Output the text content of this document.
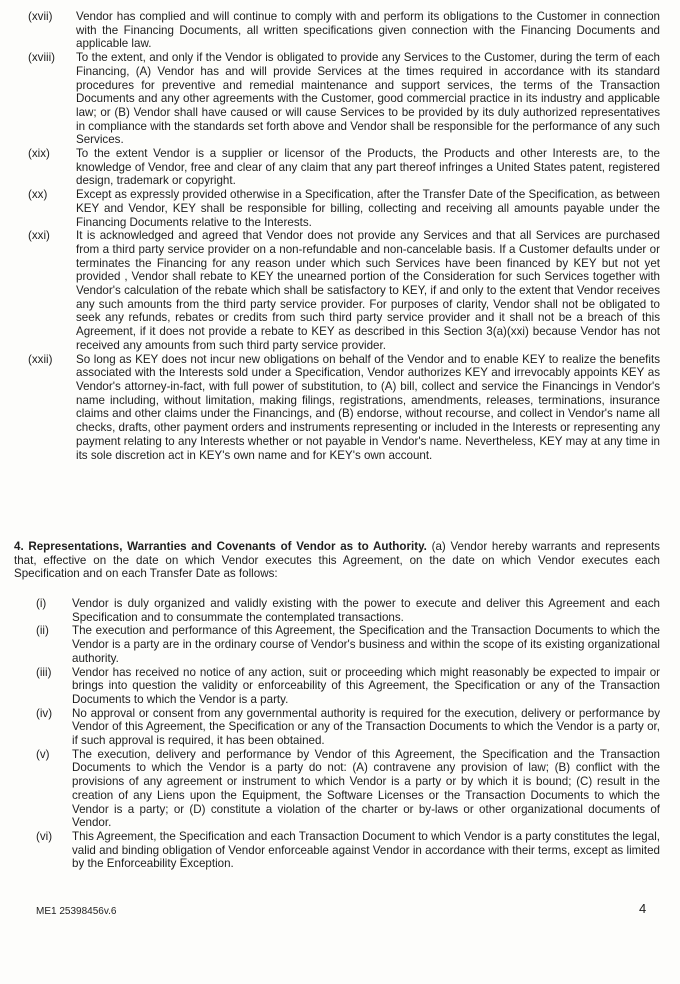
(xvii)	Vendor has complied and will continue to comply with and perform its obligations to the Customer in connection with the Financing Documents, all written specifications given connection with the Financing Documents and applicable law.
(xviii)	To the extent, and only if the Vendor is obligated to provide any Services to the Customer, during the term of each Financing, (A) Vendor has and will provide Services at the times required in accordance with its standard procedures for preventive and remedial maintenance and support services, the terms of the Transaction Documents and any other agreements with the Customer, good commercial practice in its industry and applicable law; or (B) Vendor shall have caused or will cause Services to be provided by its duly authorized representatives in compliance with the standards set forth above and Vendor shall be responsible for the performance of any such Services.
(xix)	To the extent Vendor is a supplier or licensor of the Products, the Products and other Interests are, to the knowledge of Vendor, free and clear of any claim that any part thereof infringes a United States patent, registered design, trademark or copyright.
(xx)	Except as expressly provided otherwise in a Specification, after the Transfer Date of the Specification, as between KEY and Vendor, KEY shall be responsible for billing, collecting and receiving all amounts payable under the Financing Documents relative to the Interests.
(xxi)	It is acknowledged and agreed that Vendor does not provide any Services and that all Services are purchased from a third party service provider on a non-refundable and non-cancelable basis. If a Customer defaults under or terminates the Financing for any reason under which such Services have been financed by KEY but not yet provided , Vendor shall rebate to KEY the unearned portion of the Consideration for such Services together with Vendor's calculation of the rebate which shall be satisfactory to KEY, if and only to the extent that Vendor receives any such amounts from the third party service provider. For purposes of clarity, Vendor shall not be obligated to seek any refunds, rebates or credits from such third party service provider and it shall not be a breach of this Agreement, if it does not provide a rebate to KEY as described in this Section 3(a)(xxi) because Vendor has not received any amounts from such third party service provider.
(xxii)	So long as KEY does not incur new obligations on behalf of the Vendor and to enable KEY to realize the benefits associated with the Interests sold under a Specification, Vendor authorizes KEY and irrevocably appoints KEY as Vendor's attorney-in-fact, with full power of substitution, to (A) bill, collect and service the Financings in Vendor's name including, without limitation, making filings, registrations, amendments, releases, terminations, insurance claims and other claims under the Financings, and (B) endorse, without recourse, and collect in Vendor's name all checks, drafts, other payment orders and instruments representing or included in the Interests or representing any payment relating to any Interests whether or not payable in Vendor's name. Nevertheless, KEY may at any time in its sole discretion act in KEY's own name and for KEY's own account.
4. Representations, Warranties and Covenants of Vendor as to Authority. (a) Vendor hereby warrants and represents that, effective on the date on which Vendor executes this Agreement, on the date on which Vendor executes each Specification and on each Transfer Date as follows:
(i)	Vendor is duly organized and validly existing with the power to execute and deliver this Agreement and each Specification and to consummate the contemplated transactions.
(ii)	The execution and performance of this Agreement, the Specification and the Transaction Documents to which the Vendor is a party are in the ordinary course of Vendor's business and within the scope of its existing organizational authority.
(iii)	Vendor has received no notice of any action, suit or proceeding which might reasonably be expected to impair or brings into question the validity or enforceability of this Agreement, the Specification or any of the Transaction Documents to which the Vendor is a party.
(iv)	No approval or consent from any governmental authority is required for the execution, delivery or performance by Vendor of this Agreement, the Specification or any of the Transaction Documents to which the Vendor is a party or, if such approval is required, it has been obtained.
(v)	The execution, delivery and performance by Vendor of this Agreement, the Specification and the Transaction Documents to which the Vendor is a party do not: (A) contravene any provision of law; (B) conflict with the provisions of any agreement or instrument to which Vendor is a party or by which it is bound; (C) result in the creation of any Liens upon the Equipment, the Software Licenses or the Transaction Documents to which the Vendor is a party; or (D) constitute a violation of the charter or by-laws or other organizational documents of Vendor.
(vi)	This Agreement, the Specification and each Transaction Document to which Vendor is a party constitutes the legal, valid and binding obligation of Vendor enforceable against Vendor in accordance with their terms, except as limited by the Enforceability Exception.
ME1 25398456v.6	4
